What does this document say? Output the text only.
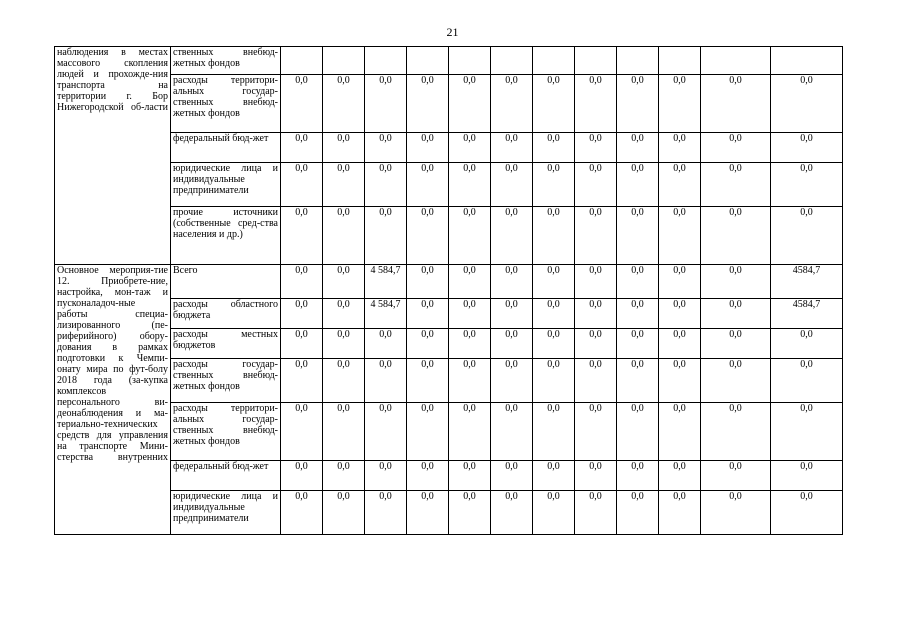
21
наблюдения в местах массового скопления людей и прохожде-ния транспорта на территории г. Бор Нижегородской об-ласти	ственных внебюд-жетных фондов												
	расходы территори-альных государ-ственных внебюд-жетных фондов	0,0	0,0	0,0	0,0	0,0	0,0	0,0	0,0	0,0	0,0	0,0	0,0
	федеральный бюд-жет	0,0	0,0	0,0	0,0	0,0	0,0	0,0	0,0	0,0	0,0	0,0	0,0
	юридические лица и индивидуальные предприниматели	0,0	0,0	0,0	0,0	0,0	0,0	0,0	0,0	0,0	0,0	0,0	0,0
	прочие источники (собственные сред-ства населения и др.)	0,0	0,0	0,0	0,0	0,0	0,0	0,0	0,0	0,0	0,0	0,0	0,0
Основное мероприя-тие 12. Приобрете-ние, настройка, мон-таж и пусконаладоч-ные работы специа-лизированного (пе-риферийного) обору-дования в рамках подготовки к Чемпи-онату мира по фут-болу 2018 года (за-купка комплексов персонального ви-деонаблюдения и ма-териально-технических средств для управления на транспорте Мини-стерства внутренних	Всего	0,0	0,0	4 584,7	0,0	0,0	0,0	0,0	0,0	0,0	0,0	0,0	4584,7
	расходы областного бюджета	0,0	0,0	4 584,7	0,0	0,0	0,0	0,0	0,0	0,0	0,0	0,0	4584,7
	расходы местных бюджетов	0,0	0,0	0,0	0,0	0,0	0,0	0,0	0,0	0,0	0,0	0,0	0,0
	расходы государ-ственных внебюд-жетных фондов	0,0	0,0	0,0	0,0	0,0	0,0	0,0	0,0	0,0	0,0	0,0	0,0
	расходы территори-альных государ-ственных внебюд-жетных фондов	0,0	0,0	0,0	0,0	0,0	0,0	0,0	0,0	0,0	0,0	0,0	0,0
	федеральный бюд-жет	0,0	0,0	0,0	0,0	0,0	0,0	0,0	0,0	0,0	0,0	0,0	0,0
	юридические лица и индивидуальные предприниматели	0,0	0,0	0,0	0,0	0,0	0,0	0,0	0,0	0,0	0,0	0,0	0,0
